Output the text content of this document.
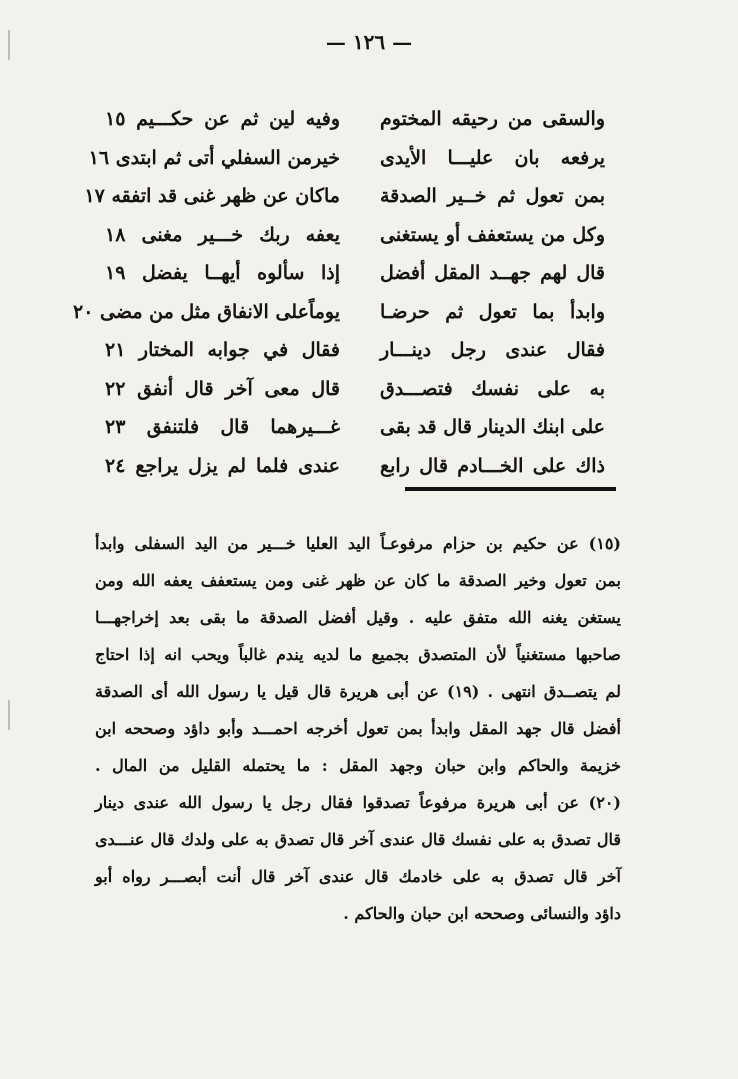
— ١٢٦ —
والسقى من رحيقه المختوم
وفيه لين ثم عن حكـــيم ١٥
يرفعه بان عليـــا الأيدى
خيرمن السفلي أتى ثم ابتدى ١٦
بمن تعول ثم خــير الصدقة
ماكان عن ظهر غنى قد اتفقه ١٧
وكل من يستعفف أو يستغنى
يعفه ربك خـــير مغنى ١٨
قال لهم جهــد المقل أفضل
إذا سألوه أيهــا يفضل ١٩
وابدأ بما تعول ثم حرضـا
يوماًعلى الانفاق مثل من مضى ٢٠
فقال عندى رجل دينـــار
فقال في جوابه المختار ٢١
به على نفسك فتصـــدق
قال معى آخر قال أنفق ٢٢
على ابنك الدينار قال قد بقى
غـــيرهما قال فلتنفق ٢٣
ذاك على الخـــادم قال رابع
عندى فلما لم يزل يراجع ٢٤
(١٥) عن حكيم بن حزام مرفوعـاً اليد العليا خـــير من اليد السفلى وابدأ
بمن تعول وخير الصدقة ما كان عن ظهر غنى ومن يستعفف يعفه الله ومن
يستغن يغنه الله متفق عليه . وقيل أفضل الصدقة ما بقى بعد إخراجهـــا
صاحبها مستغنياً لأن المتصدق بجميع ما لديه يندم غالباً ويحب انه إذا احتاج
لم يتصــدق انتهى . (١٩) عن أبى هريرة قال قيل يا رسول الله أى الصدقة
أفضل قال جهد المقل وابدأ بمن تعول أخرجه احمـــد وأبو داؤد وصححه ابن
خزيمة والحاكم وابن حبان وجهد المقل : ما يحتمله القليل من المال .
(٢٠) عن أبى هريرة مرفوعاً تصدقوا فقال رجل يا رسول الله عندى دينار
قال تصدق به على نفسك قال عندى آخر قال تصدق به على ولدك قال عنـــدى
آخر قال تصدق به على خادمك قال عندى آخر قال أنت أبصـــر رواه أبو
داؤد والنسائى وصححه ابن حبان والحاكم .
